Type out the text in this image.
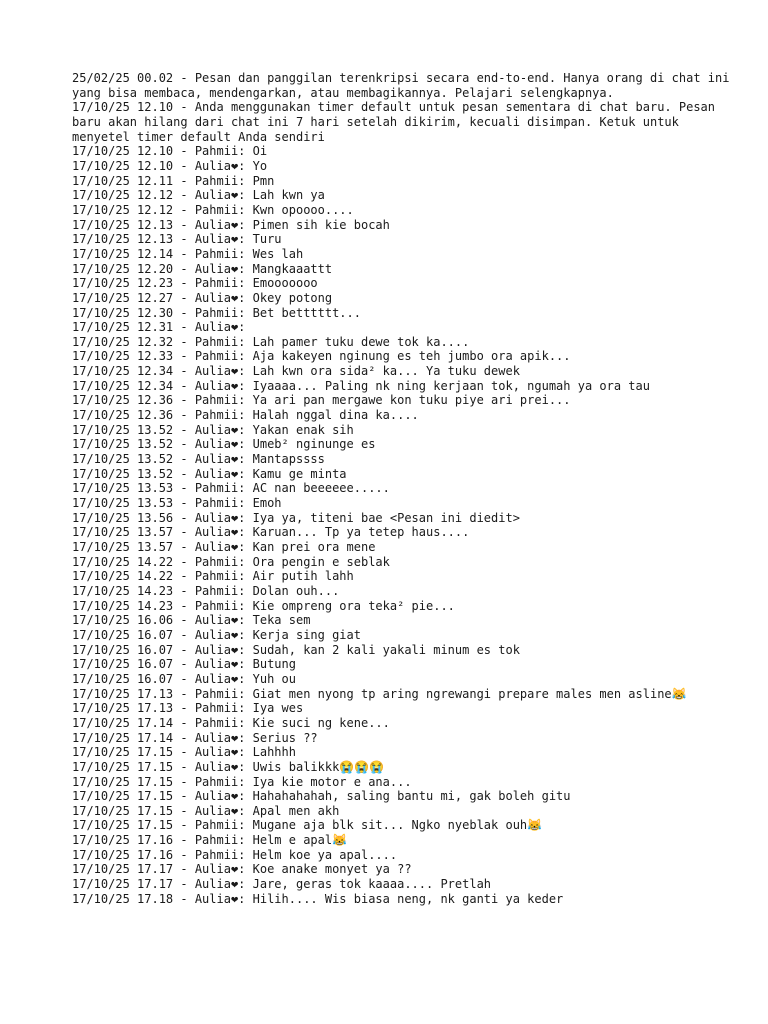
25/02/25 00.02 - Pesan dan panggilan terenkripsi secara end-to-end. Hanya orang di chat ini yang bisa membaca, mendengarkan, atau membagikannya. Pelajari selengkapnya.
17/10/25 12.10 - Anda menggunakan timer default untuk pesan sementara di chat baru. Pesan baru akan hilang dari chat ini 7 hari setelah dikirim, kecuali disimpan. Ketuk untuk menyetel timer default Anda sendiri
17/10/25 12.10 - Pahmii: Oi
17/10/25 12.10 - Aulia❤: Yo
17/10/25 12.11 - Pahmii: Pmn
17/10/25 12.12 - Aulia❤: Lah kwn ya
17/10/25 12.12 - Pahmii: Kwn opoooo....
17/10/25 12.13 - Aulia❤: Pimen sih kie bocah
17/10/25 12.13 - Aulia❤: Turu
17/10/25 12.14 - Pahmii: Wes lah
17/10/25 12.20 - Aulia❤: Mangkaaattt
17/10/25 12.23 - Pahmii: Emooooooo
17/10/25 12.27 - Aulia❤: Okey potong
17/10/25 12.30 - Pahmii: Bet betttttt...
17/10/25 12.31 - Aulia❤:
17/10/25 12.32 - Pahmii: Lah pamer tuku dewe tok ka....
17/10/25 12.33 - Pahmii: Aja kakeyen nginung es teh jumbo ora apik...
17/10/25 12.34 - Aulia❤: Lah kwn ora sida² ka... Ya tuku dewek
17/10/25 12.34 - Aulia❤: Iyaaaa... Paling nk ning kerjaan tok, ngumah ya ora tau
17/10/25 12.36 - Pahmii: Ya ari pan mergawe kon tuku piye ari prei...
17/10/25 12.36 - Pahmii: Halah nggal dina ka....
17/10/25 13.52 - Aulia❤: Yakan enak sih
17/10/25 13.52 - Aulia❤: Umeb² nginunge es
17/10/25 13.52 - Aulia❤: Mantapssss
17/10/25 13.52 - Aulia❤: Kamu ge minta
17/10/25 13.53 - Pahmii: AC nan beeeeee.....
17/10/25 13.53 - Pahmii: Emoh
17/10/25 13.56 - Aulia❤: Iya ya, titeni bae <Pesan ini diedit>
17/10/25 13.57 - Aulia❤: Karuan... Tp ya tetep haus....
17/10/25 13.57 - Aulia❤: Kan prei ora mene
17/10/25 14.22 - Pahmii: Ora pengin e seblak
17/10/25 14.22 - Pahmii: Air putih lahh
17/10/25 14.23 - Pahmii: Dolan ouh...
17/10/25 14.23 - Pahmii: Kie ompreng ora teka² pie...
17/10/25 16.06 - Aulia❤: Teka sem
17/10/25 16.07 - Aulia❤: Kerja sing giat
17/10/25 16.07 - Aulia❤: Sudah, kan 2 kali yakali minum es tok
17/10/25 16.07 - Aulia❤: Butung
17/10/25 16.07 - Aulia❤: Yuh ou
17/10/25 17.13 - Pahmii: Giat men nyong tp aring ngrewangi prepare males men asline😹
17/10/25 17.13 - Pahmii: Iya wes
17/10/25 17.14 - Pahmii: Kie suci ng kene...
17/10/25 17.14 - Aulia❤: Serius ??
17/10/25 17.15 - Aulia❤: Lahhhh
17/10/25 17.15 - Aulia❤: Uwis balikkk😭😭😭
17/10/25 17.15 - Pahmii: Iya kie motor e ana...
17/10/25 17.15 - Aulia❤: Hahahahahah, saling bantu mi, gak boleh gitu
17/10/25 17.15 - Aulia❤: Apal men akh
17/10/25 17.15 - Pahmii: Mugane aja blk sit... Ngko nyeblak ouh😹
17/10/25 17.16 - Pahmii: Helm e apal😹
17/10/25 17.16 - Pahmii: Helm koe ya apal....
17/10/25 17.17 - Aulia❤: Koe anake monyet ya ??
17/10/25 17.17 - Aulia❤: Jare, geras tok kaaaa.... Pretlah
17/10/25 17.18 - Aulia❤: Hilih.... Wis biasa neng, nk ganti ya keder
